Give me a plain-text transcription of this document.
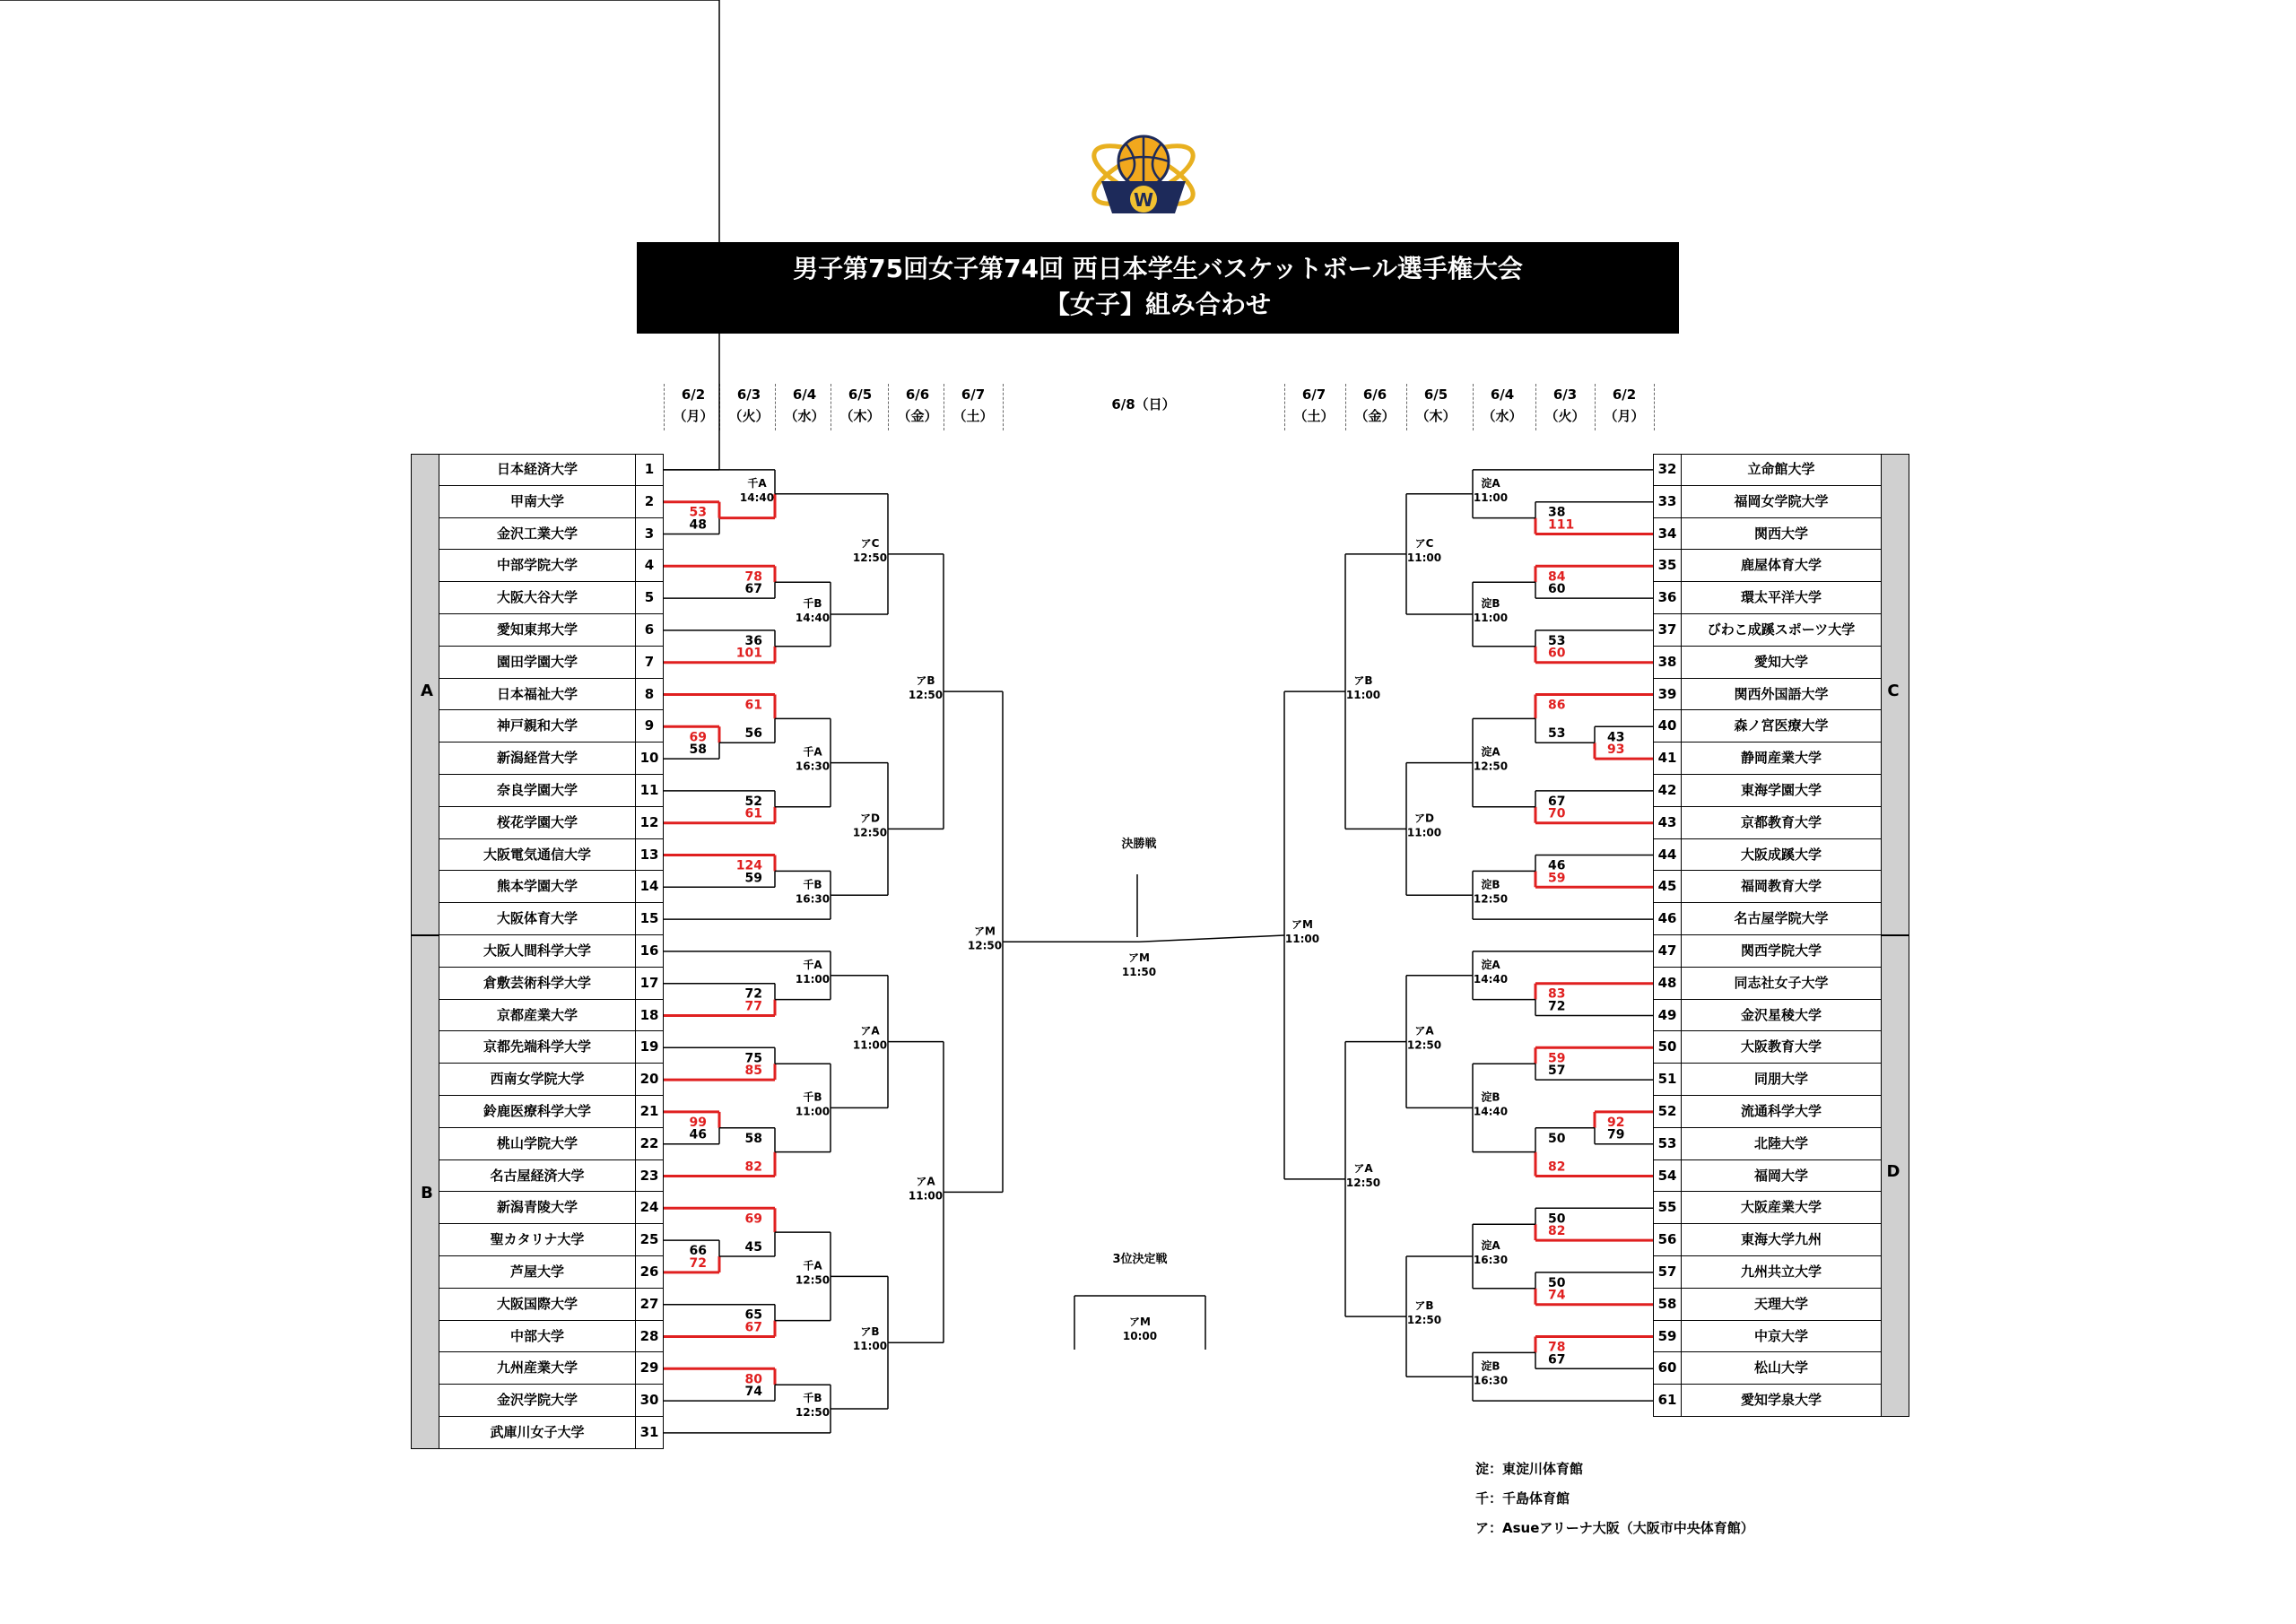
W
男子第75回女子第74回 西日本学生バスケットボール選手権大会
【女子】組み合わせ
6/2
（月）
6/3
（火）
6/4
（水）
6/5
（木）
6/6
（金）
6/7
（土）
6/7
（土）
6/6
（金）
6/5
（木）
6/4
（水）
6/3
（火）
6/2
（月）
6/8（日）
日本経済大学	1
甲南大学	2
金沢工業大学	3
中部学院大学	4
大阪大谷大学	5
愛知東邦大学	6
園田学園大学	7
日本福祉大学	8
神戸親和大学	9
新潟経営大学	10
奈良学園大学	11
桜花学園大学	12
大阪電気通信大学	13
熊本学園大学	14
大阪体育大学	15
大阪人間科学大学	16
倉敷芸術科学大学	17
京都産業大学	18
京都先端科学大学	19
西南女学院大学	20
鈴鹿医療科学大学	21
桃山学院大学	22
名古屋経済大学	23
新潟青陵大学	24
聖カタリナ大学	25
芦屋大学	26
大阪国際大学	27
中部大学	28
九州産業大学	29
金沢学院大学	30
武庫川女子大学	31
立命館大学
32
福岡女学院大学
33
関西大学
34
鹿屋体育大学
35
環太平洋大学
36
びわこ成蹊スポーツ大学
37
愛知大学
38
関西外国語大学
39
森ノ宮医療大学
40
静岡産業大学
41
東海学園大学
42
京都教育大学
43
大阪成蹊大学
44
福岡教育大学
45
名古屋学院大学
46
関西学院大学
47
同志社女子大学
48
金沢星稜大学
49
大阪教育大学
50
同朋大学
51
流通科学大学
52
北陸大学
53
福岡大学
54
大阪産業大学
55
東海大学九州
56
九州共立大学
57
天理大学
58
中京大学
59
松山大学
60
愛知学泉大学
61
A
B
C
D
53
48
千A
14:40
78
67
36
101
千B
14:40
アC
12:50
69
58
61
56
52
61
千A
16:30
124
59	千B
16:30
アD
12:50
アB
12:50
72
77
千A
11:00
75
85
99
46	58
82
千B
11:00
アA
11:00
66
72
69
45
65
67
千A
12:50
80
74	千B
12:50
アB
11:00
アA
11:00
アM
12:50
38
111
淀A
11:00
84
60
53
60
淀B
11:00
アC
11:00
43
93
86
53
67
70
淀A
12:50
46
59
淀B
12:50
アD
11:00
アB
11:00
83
72
淀A
14:40
59
57
92
79
50
82
淀B
14:40
アA
12:50
50
82
50
74
淀A
16:30
78
67
淀B
16:30
アB
12:50
アA
12:50
アM
11:00
決勝戦
アM
11:50
3位決定戦
アM
10:00
淀：東淀川体育館
千：千島体育館
ア：Asueアリーナ大阪（大阪市中央体育館）
